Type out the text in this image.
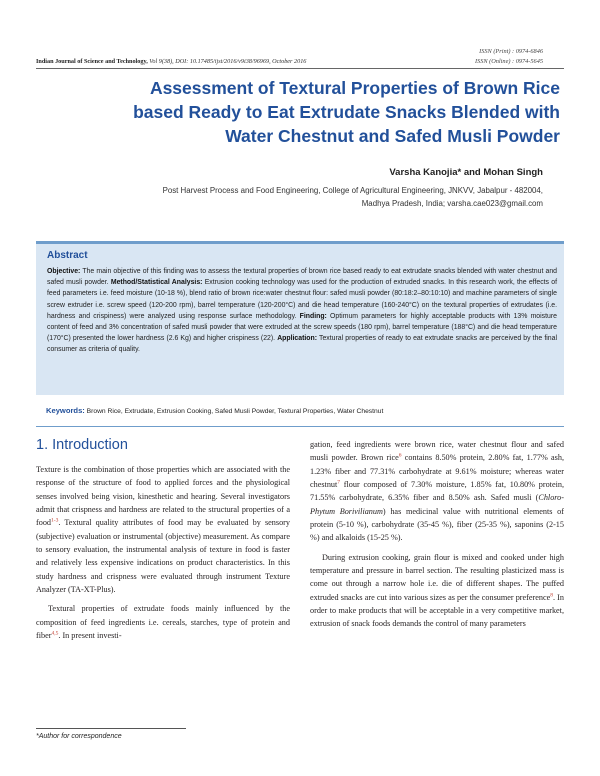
ISSN (Print) : 0974-6846
ISSN (Online) : 0974-5645
Indian Journal of Science and Technology, Vol 9(38), DOI: 10.17485/ijst/2016/v9i38/96969, October 2016
Assessment of Textural Properties of Brown Rice
based Ready to Eat Extrudate Snacks Blended with
Water Chestnut and Safed Musli Powder
Varsha Kanojia* and Mohan Singh
Post Harvest Process and Food Engineering, College of Agricultural Engineering, JNKVV, Jabalpur - 482004,
Madhya Pradesh, India; varsha.cae023@gmail.com
Abstract
Objective: The main objective of this finding was to assess the textural properties of brown rice based ready to eat extrudate snacks blended with water chestnut and safed musli powder. Method/Statistical Analysis: Extrusion cooking technology was used for the production of extruded snacks. In this research work, the effects of feed parameters i.e. feed moisture (10-18 %), blend ratio of brown rice:water chestnut flour: safed musli powder (80:18:2–80:10:10) and machine parameters of single screw extruder i.e. screw speed (120-200 rpm), barrel temperature (120-200°C) and die head temperature (160-240°C) on the textural properties of extrudates (i.e. hardness and crispiness) were analyzed using response surface methodology. Finding: Optimum parameters for highly acceptable products with 13% moisture content of feed and 3% concentration of safed musli powder that were extruded at the screw speeds (180 rpm), barrel temperature (188°C) and die head temperature (170°C) presented the lower hardness (2.6 Kg) and higher crispiness (22). Application: Textural properties of ready to eat extrudate snacks are perceived by the final consumer as criteria of quality.
Keywords: Brown Rice, Extrudate, Extrusion Cooking, Safed Musli Powder, Textural Properties, Water Chestnut
1. Introduction

Texture is the combination of those properties which are associated with the response of the structure of food to applied forces and the physiological senses involved being vision, kinesthetic and hearing. Several investigators admit that crispness and hardness are related to the structural properties of a food$^{1-3}$. Textural quality attributes of food may be evaluated by sensory (subjective) evaluation or instrumental (objective) measurement. As compare to sensory evaluation, the instrumental analysis of texture in food is faster and relatively less expensive indications on product characteristics. In this study hardness and crispness were evaluated through instrument Texture Analyzer (TA-XT-Plus).

Textural properties of extrudate foods mainly influenced by the composition of feed ingredients i.e. cereals, starches, type of protein and fiber$^{4,5}$. In present investi-

gation, feed ingredients were brown rice, water chestnut flour and safed musli powder. Brown rice$^6$ contains 8.50% protein, 2.80% fat, 1.77% ash, 1.23% fiber and 77.31% carbohydrate at 9.61% moisture; whereas water chestnut$^7$ flour composed of 7.30% moisture, 1.85% fat, 10.80% protein, 71.55% carbohydrate, 6.35% fiber and 8.50% ash. Safed musli (Chloro-Phytum Borivilianum) has medicinal value with nutritional elements of protein (5-10 %), carbohydrate (35-45 %), fiber (25-35 %), saponins (2-15 %) and alkaloids (15-25 %).

During extrusion cooking, grain flour is mixed and cooked under high temperature and pressure in barrel section. The resulting plasticized mass is come out through a narrow hole i.e. die of different shapes. The puffed extruded snacks are cut into various sizes as per the consumer preference$^8$. In order to make products that will be acceptable in a very competitive market, extrusion of snack foods demands the control of many parameters

*Author for correspondence
